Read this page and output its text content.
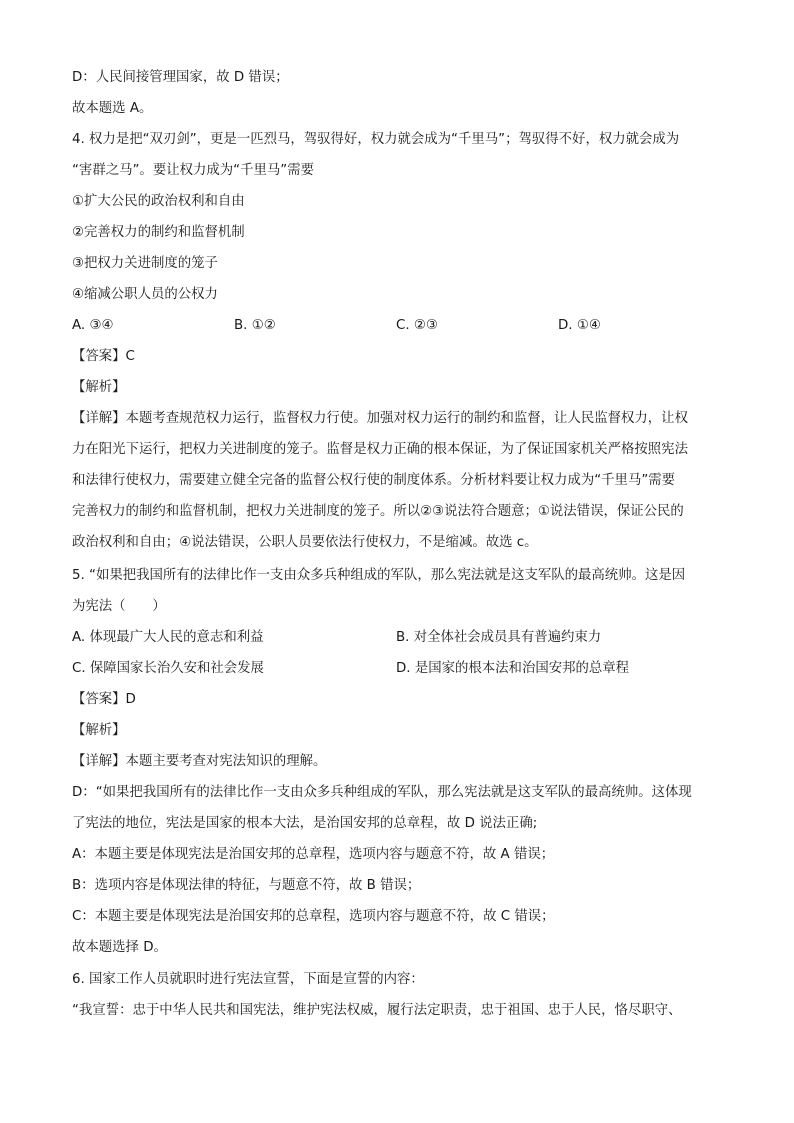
D：人民间接管理国家，故 D 错误；
故本题选 A。
4. 权力是把“双刃剑”，更是一匹烈马，驾驭得好，权力就会成为“千里马”；驾驭得不好，权力就会成为
“害群之马”。要让权力成为“千里马”需要
①扩大公民的政治权利和自由
②完善权力的制约和监督机制
③把权力关进制度的笼子
④缩减公职人员的公权力
A. ③④	B. ①②	C. ②③	D. ①④
【答案】C
【解析】
【详解】本题考查规范权力运行，监督权力行使。加强对权力运行的制约和监督，让人民监督权力，让权
力在阳光下运行，把权力关进制度的笼子。监督是权力正确的根本保证，为了保证国家机关严格按照宪法
和法律行使权力，需要建立健全完备的监督公权行使的制度体系。分析材料要让权力成为“千里马”需要
完善权力的制约和监督机制，把权力关进制度的笼子。所以②③说法符合题意；①说法错误，保证公民的
政治权利和自由；④说法错误，公职人员要依法行使权力，不是缩减。故选 c。
5. “如果把我国所有的法律比作一支由众多兵种组成的军队，那么宪法就是这支军队的最高统帅。这是因
为宪法（　　）
A. 体现最广大人民的意志和利益	B. 对全体社会成员具有普遍约束力
C. 保障国家长治久安和社会发展	D. 是国家的根本法和治国安邦的总章程
【答案】D
【解析】
【详解】本题主要考查对宪法知识的理解。
D：“如果把我国所有的法律比作一支由众多兵种组成的军队，那么宪法就是这支军队的最高统帅。这体现
了宪法的地位，宪法是国家的根本大法，是治国安邦的总章程，故 D 说法正确;
A：本题主要是体现宪法是治国安邦的总章程，选项内容与题意不符，故 A 错误；
B：选项内容是体现法律的特征，与题意不符，故 B 错误；
C：本题主要是体现宪法是治国安邦的总章程，选项内容与题意不符，故 C 错误；
故本题选择 D。
6. 国家工作人员就职时进行宪法宣誓，下面是宣誓的内容：
“我宣誓：忠于中华人民共和国宪法，维护宪法权威，履行法定职责，忠于祖国、忠于人民，恪尽职守、
